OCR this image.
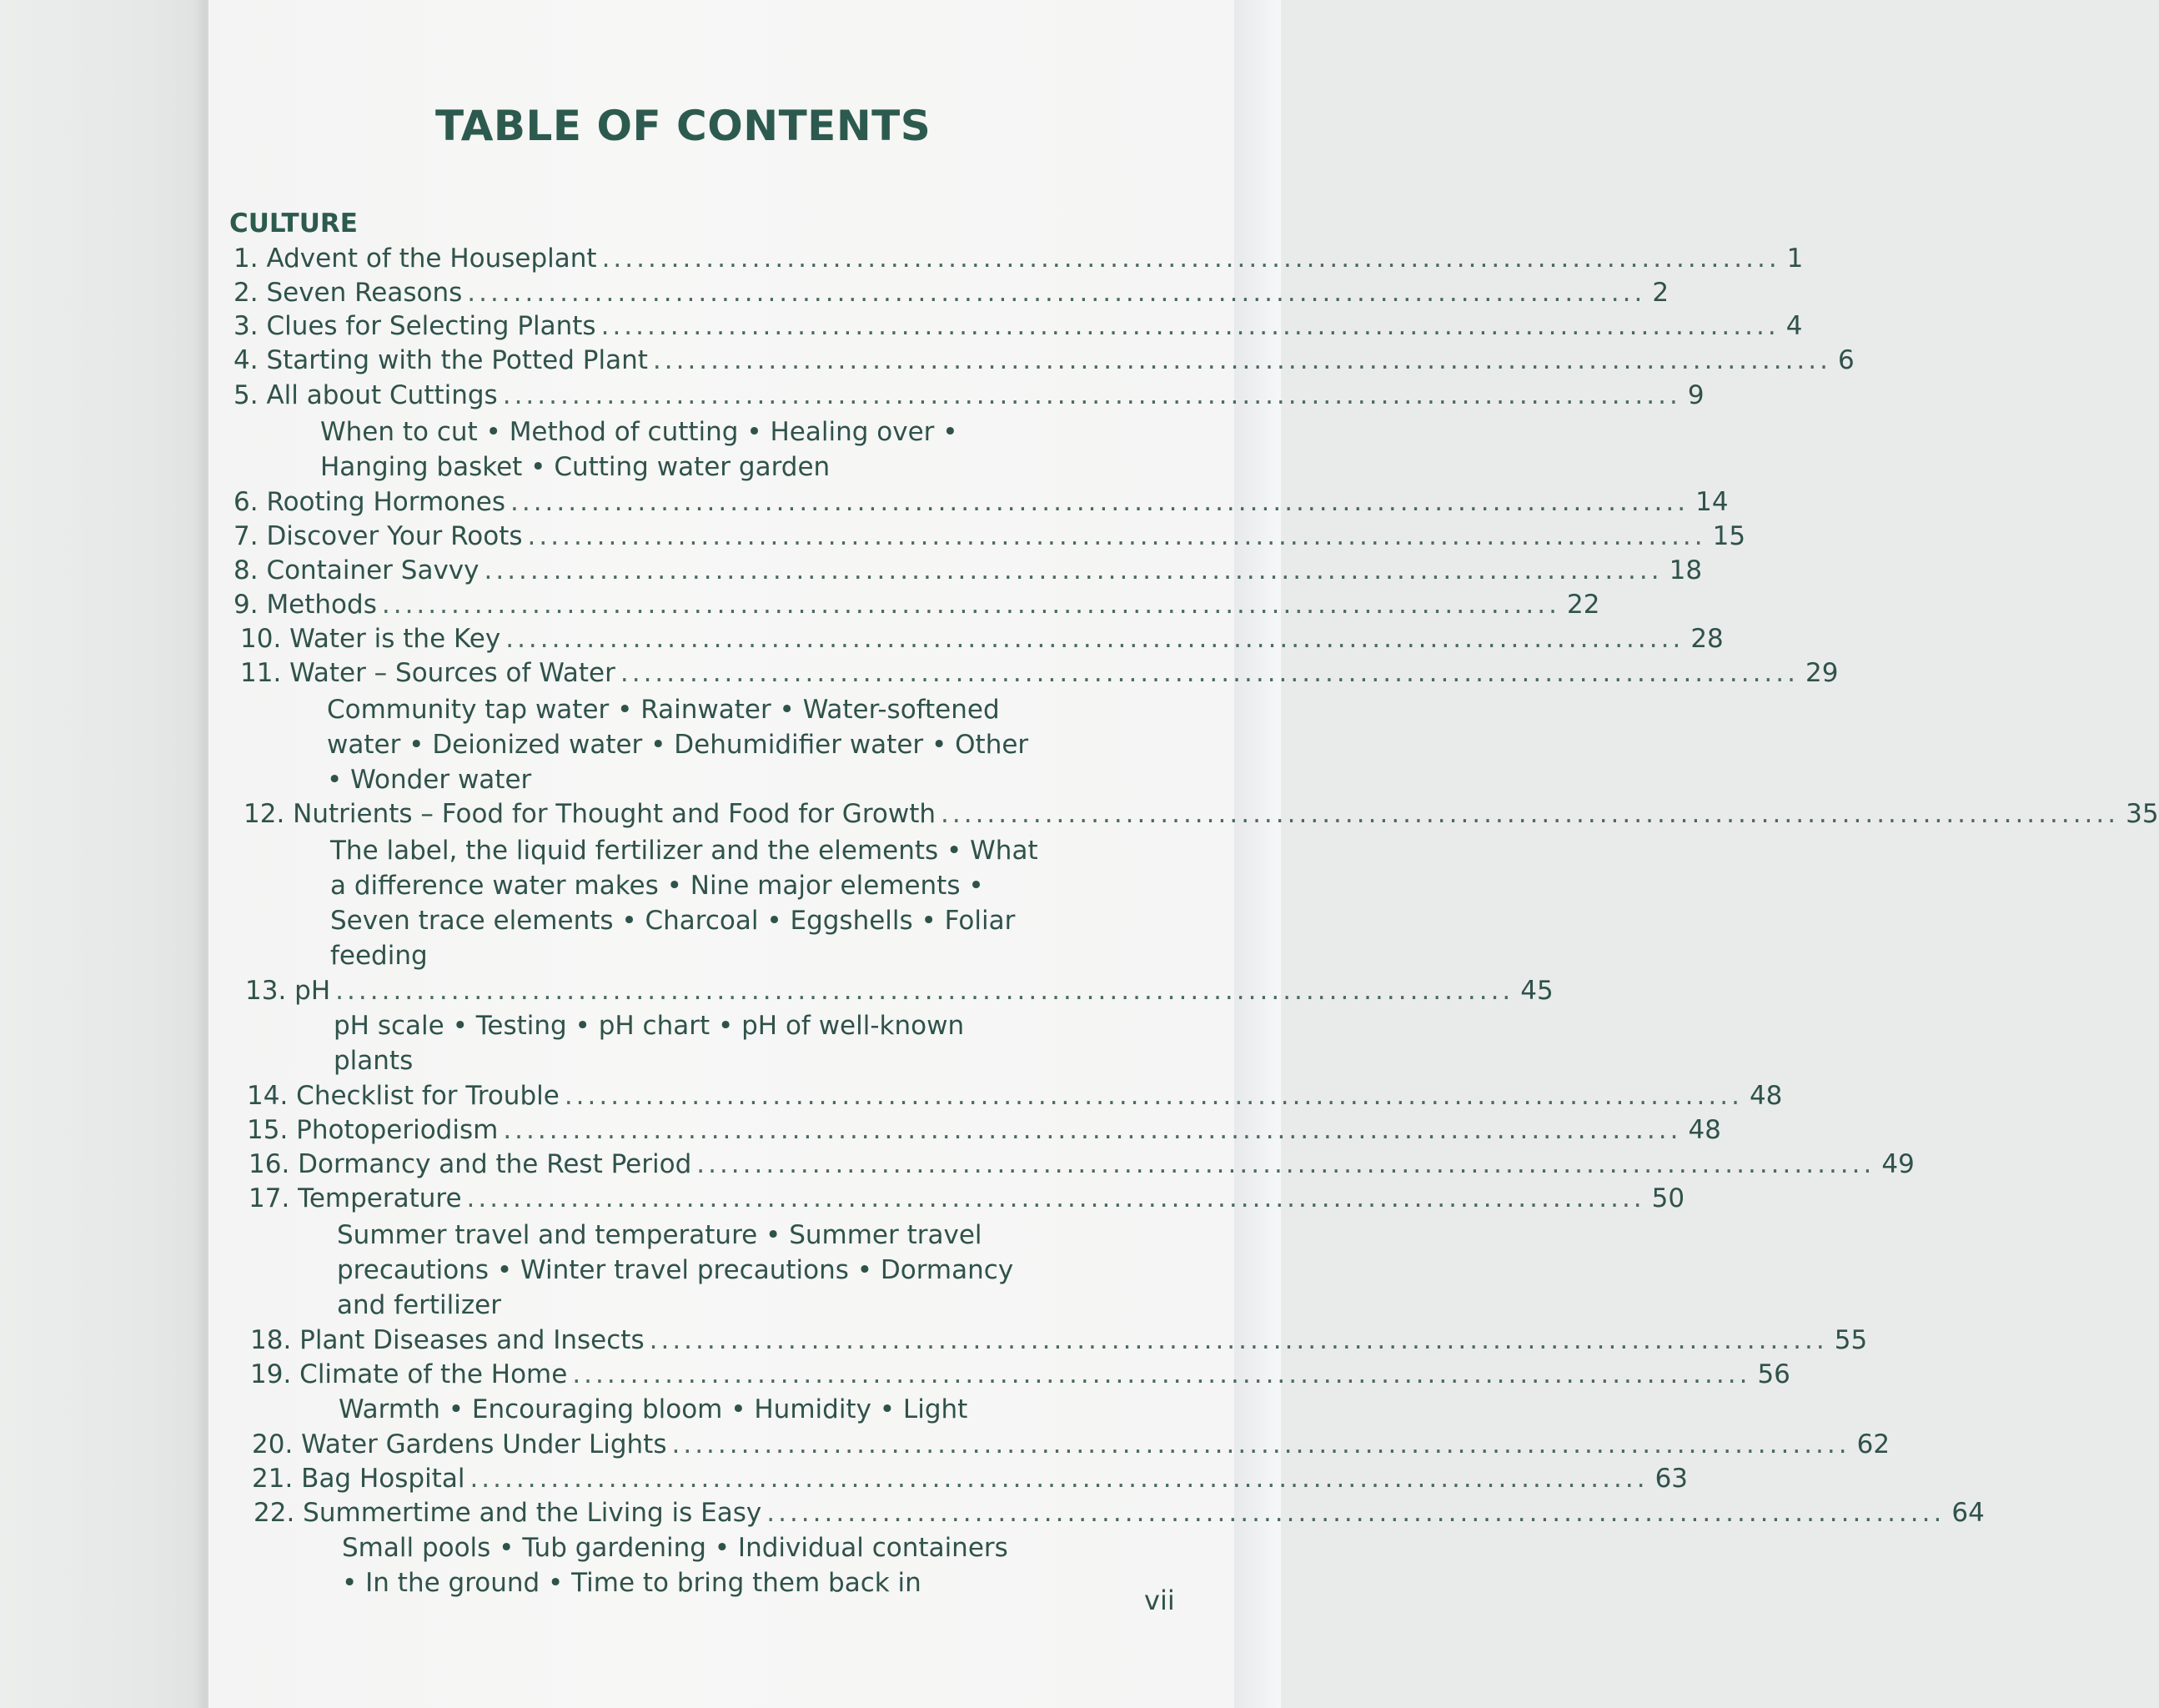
TABLE OF CONTENTS
CULTURE
1. Advent of the Houseplant ...................................................................................................... 1
2. Seven Reasons ...................................................................................................... 2
3. Clues for Selecting Plants ...................................................................................................... 4
4. Starting with the Potted Plant ...................................................................................................... 6
5. All about Cuttings ...................................................................................................... 9
When to cut • Method of cutting • Healing over •
Hanging basket • Cutting water garden
6. Rooting Hormones ...................................................................................................... 14
7. Discover Your Roots ...................................................................................................... 15
8. Container Savvy ...................................................................................................... 18
9. Methods ...................................................................................................... 22
10. Water is the Key ...................................................................................................... 28
11. Water – Sources of Water ...................................................................................................... 29
Community tap water • Rainwater • Water-softened
water • Deionized water • Dehumidifier water • Other
• Wonder water
12. Nutrients – Food for Thought and Food for Growth ...................................................................................................... 35
The label, the liquid fertilizer and the elements • What
a difference water makes • Nine major elements •
Seven trace elements • Charcoal • Eggshells • Foliar
feeding
13. pH ...................................................................................................... 45
pH scale • Testing • pH chart • pH of well-known
plants
14. Checklist for Trouble ...................................................................................................... 48
15. Photoperiodism ...................................................................................................... 48
16. Dormancy and the Rest Period ...................................................................................................... 49
17. Temperature ...................................................................................................... 50
Summer travel and temperature • Summer travel
precautions • Winter travel precautions • Dormancy
and fertilizer
18. Plant Diseases and Insects ...................................................................................................... 55
19. Climate of the Home ...................................................................................................... 56
Warmth • Encouraging bloom • Humidity • Light
20. Water Gardens Under Lights ...................................................................................................... 62
21. Bag Hospital ...................................................................................................... 63
22. Summertime and the Living is Easy ...................................................................................................... 64
Small pools • Tub gardening • Individual containers
• In the ground • Time to bring them back in
vii
